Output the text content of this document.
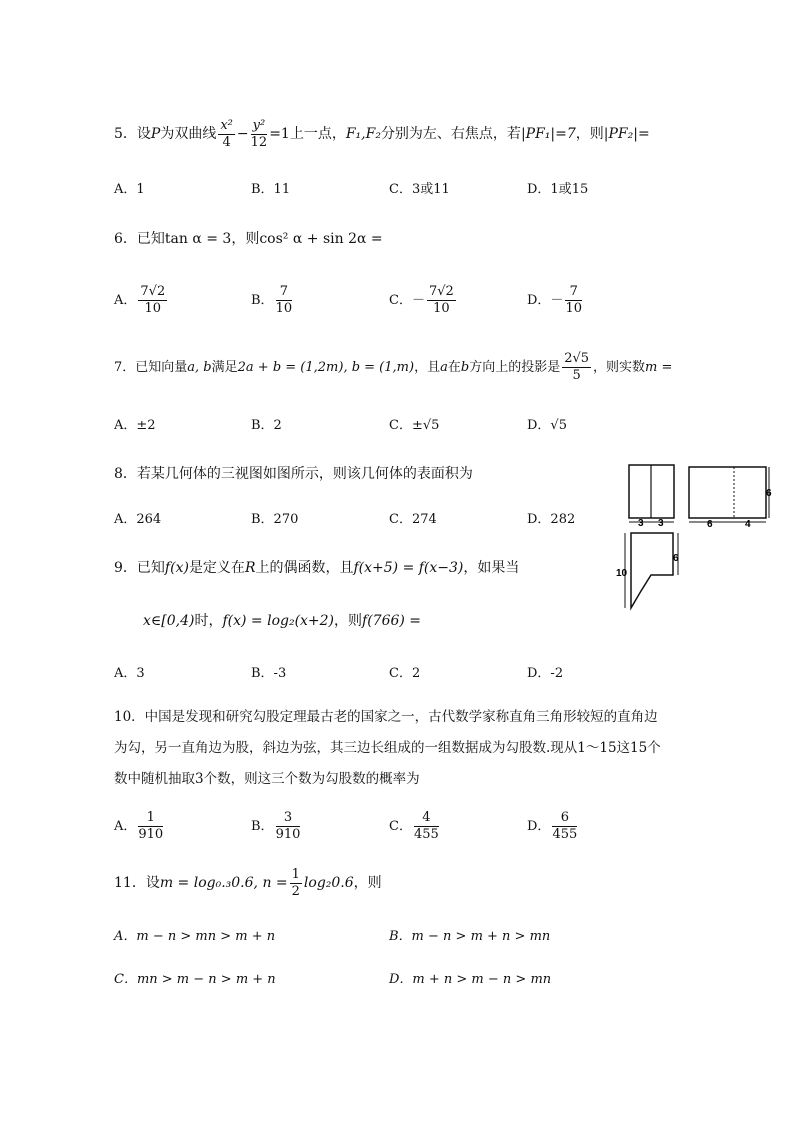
5．设P为双曲线 $\frac{\text{x²}}{4} - \frac{\text{y²}}{12} =1$上一点，F₁,F₂分别为左、右焦点，若|PF₁|=7，则|PF₂|=
A．1	B．11	C．3或11	D．1或15
6．已知tan α = 3，则cos² α + sin 2α =
A． $\frac{7√2}{10}$	B． $\frac{7}{10}$	C．－ $\frac{7√2}{10}$	D．－ $\frac{7}{10}$
7．已知向量a, b满足2a + b = (1,2m), b = (1,m)，且a在b方向上的投影是 $\frac{2√5}{5}$ ，则实数m =
A．±2	B．2	C．±√5	D．√5
8．若某几何体的三视图如图所示，则该几何体的表面积为
A．264	B．270	C．274	D．282	3 3	6	4
6
10
6
9．已知f(x)是定义在R上的偶函数，且f(x+5) = f(x−3)，如果当
x∈[0,4)时，f(x) = log₂(x+2)，则f(766) =
A．3	B．-3	C．2	D．-2
10．中国是发现和研究勾股定理最古老的国家之一，古代数学家称直角三角形较短的直角边
为勾，另一直角边为股，斜边为弦，其三边长组成的一组数据成为勾股数.现从1～15这15个
数中随机抽取3个数，则这三个数为勾股数的概率为
A． $\frac{1}{910}$	B． $\frac{3}{910}$	C． $\frac{4}{455}$	D． $\frac{6}{455}$
11．设m = log₀.₃0.6, $n = \frac{1}{2} \log_20.6$，则
A．m − n > mn > m + n	B．m − n > m + n > mn
C．mn > m − n > m + n	D．m + n > m − n > mn
